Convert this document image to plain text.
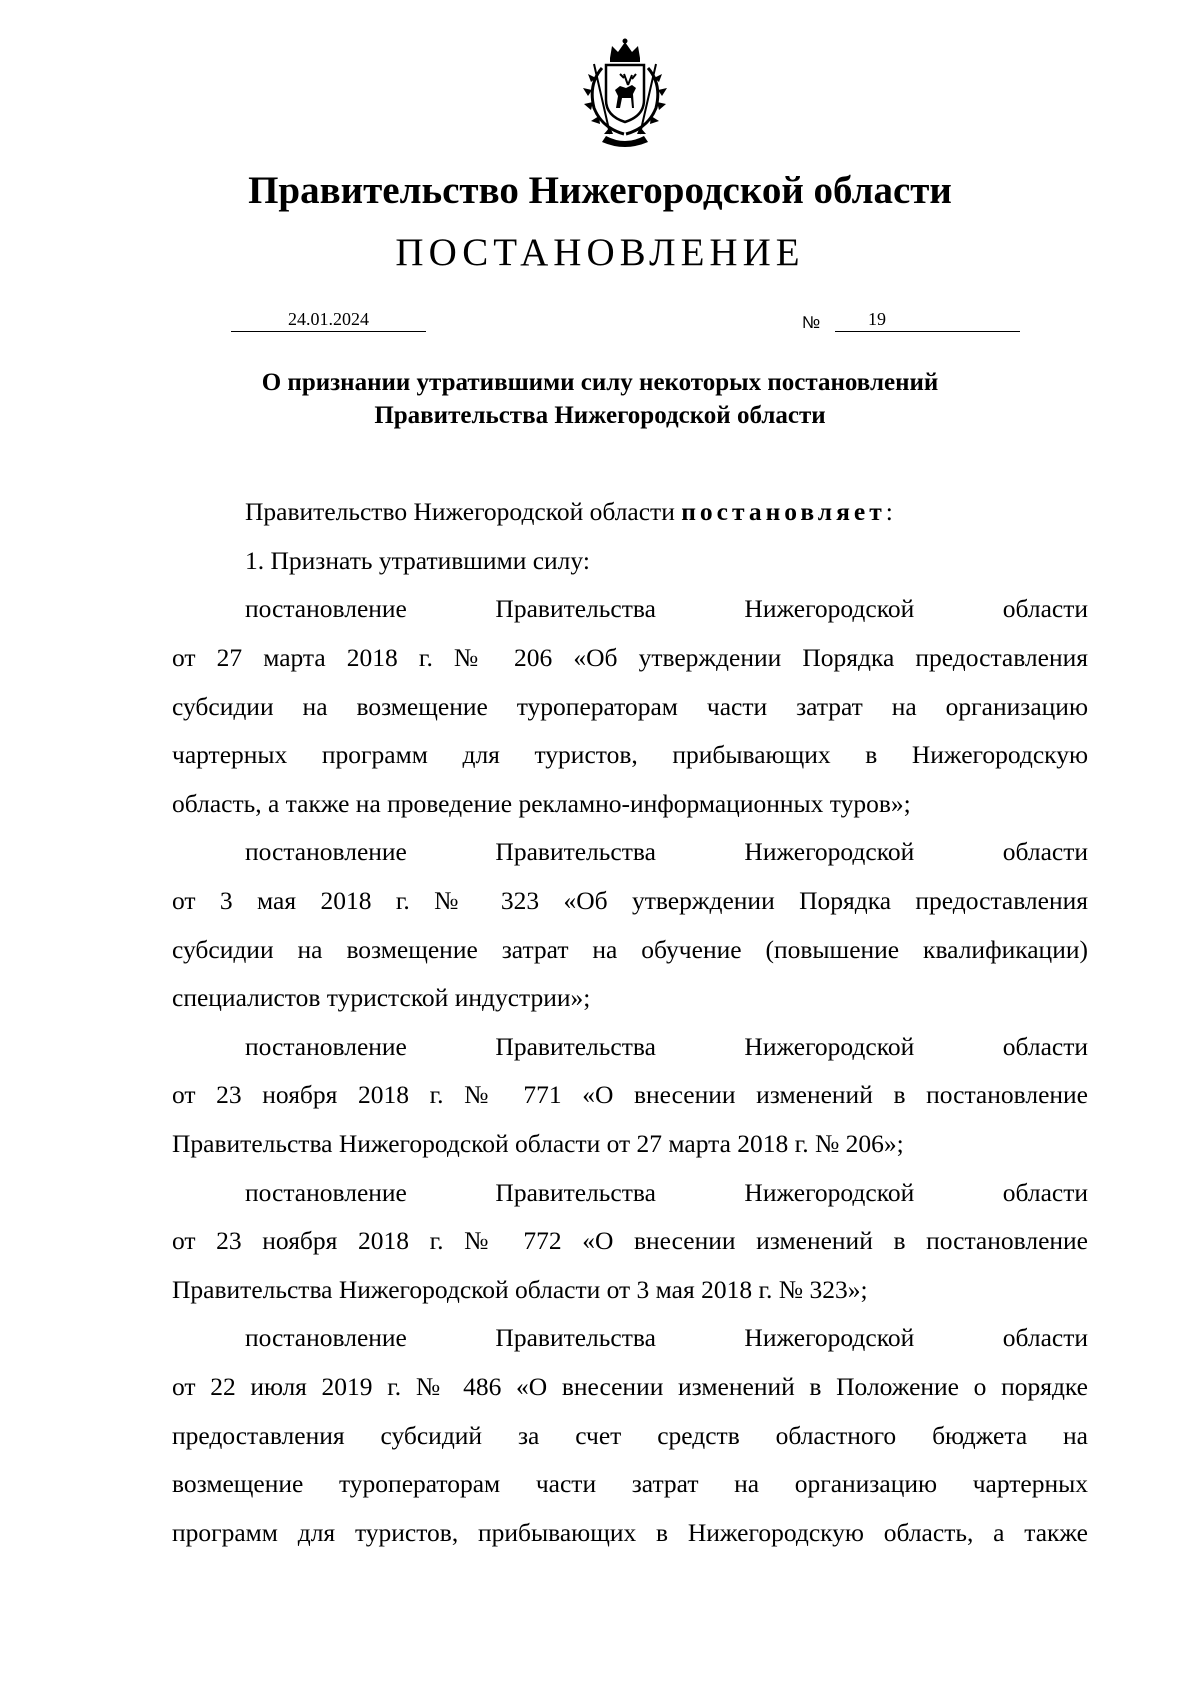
Правительство Нижегородской области
ПОСТАНОВЛЕНИЕ
24.01.2024	№	19
О признании утратившими силу некоторых постановлений
Правительства Нижегородской области
Правительство Нижегородской области постановляет:
1. Признать утратившими силу:
постановление Правительства Нижегородской области
от 27 марта 2018 г. № 206 «Об утверждении Порядка предоставления
субсидии на возмещение туроператорам части затрат на организацию
чартерных программ для туристов, прибывающих в Нижегородскую
область, а также на проведение рекламно-информационных туров»;
постановление Правительства Нижегородской области
от 3 мая 2018 г. № 323 «Об утверждении Порядка предоставления
субсидии на возмещение затрат на обучение (повышение квалификации)
специалистов туристской индустрии»;
постановление Правительства Нижегородской области
от 23 ноября 2018 г. № 771 «О внесении изменений в постановление
Правительства Нижегородской области от 27 марта 2018 г. № 206»;
постановление Правительства Нижегородской области
от 23 ноября 2018 г. № 772 «О внесении изменений в постановление
Правительства Нижегородской области от 3 мая 2018 г. № 323»;
постановление Правительства Нижегородской области
от 22 июля 2019 г. № 486 «О внесении изменений в Положение о порядке
предоставления субсидий за счет средств областного бюджета на
возмещение туроператорам части затрат на организацию чартерных
программ для туристов, прибывающих в Нижегородскую область, а также
